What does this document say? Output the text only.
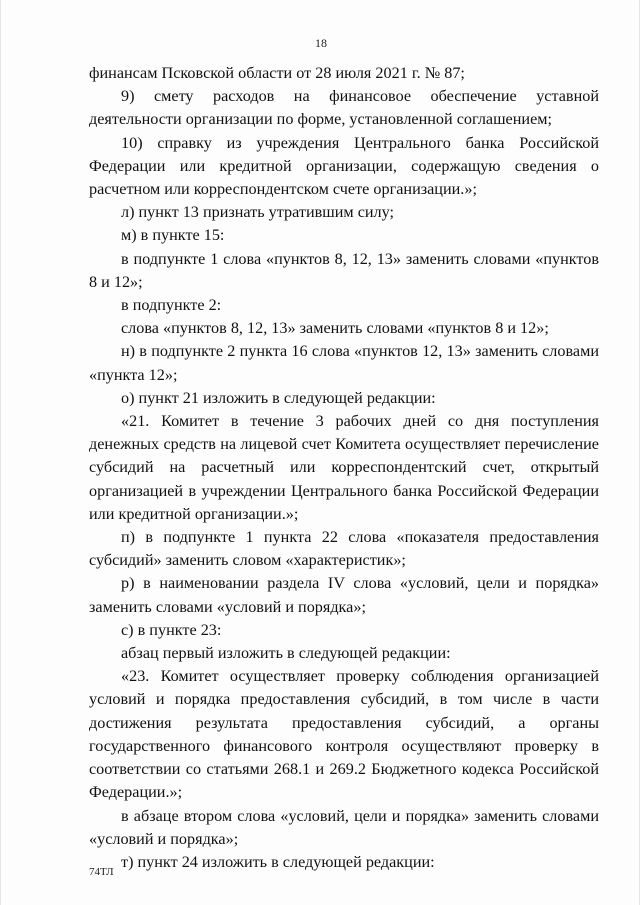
18

финансам Псковской области от 28 июля 2021 г. № 87;

9) смету расходов на финансовое обеспечение уставной деятельности организации по форме, установленной соглашением;

10) справку из учреждения Центрального банка Российской Федерации или кредитной организации, содержащую сведения о расчетном или корреспондентском счете организации.»;

л) пункт 13 признать утратившим силу;

м) в пункте 15:

в подпункте 1 слова «пунктов 8, 12, 13» заменить словами «пунктов 8 и 12»;

в подпункте 2:

слова «пунктов 8, 12, 13» заменить словами «пунктов 8 и 12»;

н) в подпункте 2 пункта 16 слова «пунктов 12, 13» заменить словами «пункта 12»;

о) пункт 21 изложить в следующей редакции:

«21. Комитет в течение 3 рабочих дней со дня поступления денежных средств на лицевой счет Комитета осуществляет перечисление субсидий на расчетный или корреспондентский счет, открытый организацией в учреждении Центрального банка Российской Федерации или кредитной организации.»;

п) в подпункте 1 пункта 22 слова «показателя предоставления субсидий» заменить словом «характеристик»;

р) в наименовании раздела IV слова «условий, цели и порядка» заменить словами «условий и порядка»;

с) в пункте 23:

абзац первый изложить в следующей редакции:

«23. Комитет осуществляет проверку соблюдения организацией условий и порядка предоставления субсидий, в том числе в части достижения результата предоставления субсидий, а органы государственного финансового контроля осуществляют проверку в соответствии со статьями 268.1 и 269.2 Бюджетного кодекса Российской Федерации.»;

в абзаце втором слова «условий, цели и порядка» заменить словами «условий и порядка»;

т) пункт 24 изложить в следующей редакции:

74ТЛ
